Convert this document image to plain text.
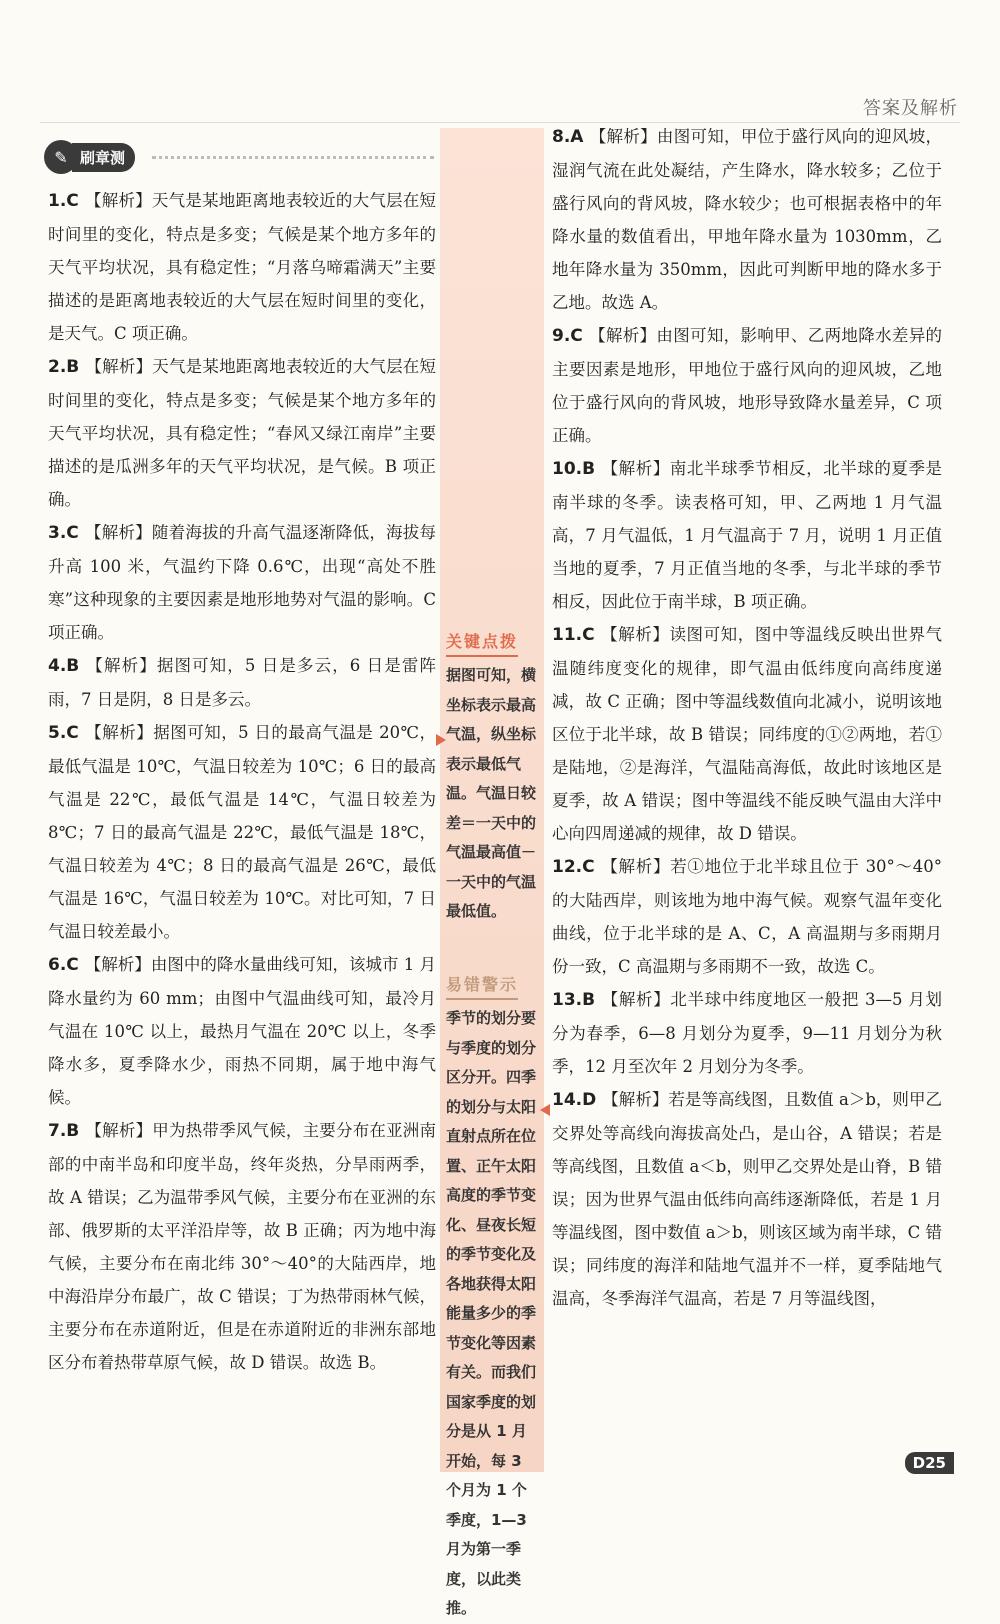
答案及解析
✎ 刷章测

1.C 【解析】天气是某地距离地表较近的大气层在短时间里的变化，特点是多变；气候是某个地方多年的天气平均状况，具有稳定性；“月落乌啼霜满天”主要描述的是距离地表较近的大气层在短时间里的变化，是天气。C 项正确。

2.B 【解析】天气是某地距离地表较近的大气层在短时间里的变化，特点是多变；气候是某个地方多年的天气平均状况，具有稳定性；“春风又绿江南岸”主要描述的是瓜洲多年的天气平均状况，是气候。B 项正确。

3.C 【解析】随着海拔的升高气温逐渐降低，海拔每升高 100 米，气温约下降 0.6℃，出现“高处不胜寒”这种现象的主要因素是地形地势对气温的影响。C 项正确。

4.B 【解析】据图可知，5 日是多云，6 日是雷阵雨，7 日是阴，8 日是多云。

5.C 【解析】据图可知，5 日的最高气温是 20℃，最低气温是 10℃，气温日较差为 10℃；6 日的最高气温是 22℃，最低气温是 14℃，气温日较差为 8℃；7 日的最高气温是 22℃，最低气温是 18℃，气温日较差为 4℃；8 日的最高气温是 26℃，最低气温是 16℃，气温日较差为 10℃。对比可知，7 日气温日较差最小。

6.C 【解析】由图中的降水量曲线可知，该城市 1 月降水量约为 60 mm；由图中气温曲线可知，最冷月气温在 10℃ 以上，最热月气温在 20℃ 以上，冬季降水多，夏季降水少，雨热不同期，属于地中海气候。

7.B 【解析】甲为热带季风气候，主要分布在亚洲南部的中南半岛和印度半岛，终年炎热，分旱雨两季，故 A 错误；乙为温带季风气候，主要分布在亚洲的东部、俄罗斯的太平洋沿岸等，故 B 正确；丙为地中海气候，主要分布在南北纬 30°～40°的大陆西岸，地中海沿岸分布最广，故 C 错误；丁为热带雨林气候，主要分布在赤道附近，但是在赤道附近的非洲东部地区分布着热带草原气候，故 D 错误。故选 B。

关键点拨
据图可知，横坐标表示最高气温，纵坐标表示最低气温。气温日较差＝一天中的气温最高值－一天中的气温最低值。
易错警示
季节的划分要与季度的划分区分开。四季的划分与太阳直射点所在位置、正午太阳高度的季节变化、昼夜长短的季节变化及各地获得太阳能量多少的季节变化等因素有关。而我们国家季度的划分是从 1 月开始，每 3 个月为 1 个季度，1—3 月为第一季度，以此类推。

8.A 【解析】由图可知，甲位于盛行风向的迎风坡，湿润气流在此处凝结，产生降水，降水较多；乙位于盛行风向的背风坡，降水较少；也可根据表格中的年降水量的数值看出，甲地年降水量为 1030mm，乙地年降水量为 350mm，因此可判断甲地的降水多于乙地。故选 A。

9.C 【解析】由图可知，影响甲、乙两地降水差异的主要因素是地形，甲地位于盛行风向的迎风坡，乙地位于盛行风向的背风坡，地形导致降水量差异，C 项正确。

10.B 【解析】南北半球季节相反，北半球的夏季是南半球的冬季。读表格可知，甲、乙两地 1 月气温高，7 月气温低，1 月气温高于 7 月，说明 1 月正值当地的夏季，7 月正值当地的冬季，与北半球的季节相反，因此位于南半球，B 项正确。

11.C 【解析】读图可知，图中等温线反映出世界气温随纬度变化的规律，即气温由低纬度向高纬度递减，故 C 正确；图中等温线数值向北减小，说明该地区位于北半球，故 B 错误；同纬度的①②两地，若①是陆地，②是海洋，气温陆高海低，故此时该地区是夏季，故 A 错误；图中等温线不能反映气温由大洋中心向四周递减的规律，故 D 错误。

12.C 【解析】若①地位于北半球且位于 30°～40°的大陆西岸，则该地为地中海气候。观察气温年变化曲线，位于北半球的是 A、C，A 高温期与多雨期月份一致，C 高温期与多雨期不一致，故选 C。

13.B 【解析】北半球中纬度地区一般把 3—5 月划分为春季，6—8 月划分为夏季，9—11 月划分为秋季，12 月至次年 2 月划分为冬季。

14.D 【解析】若是等高线图，且数值 a＞b，则甲乙交界处等高线向海拔高处凸，是山谷，A 错误；若是等高线图，且数值 a＜b，则甲乙交界处是山脊，B 错误；因为世界气温由低纬向高纬逐渐降低，若是 1 月等温线图，图中数值 a＞b，则该区域为南半球，C 错误；同纬度的海洋和陆地气温并不一样，夏季陆地气温高，冬季海洋气温高，若是 7 月等温线图，

D25
